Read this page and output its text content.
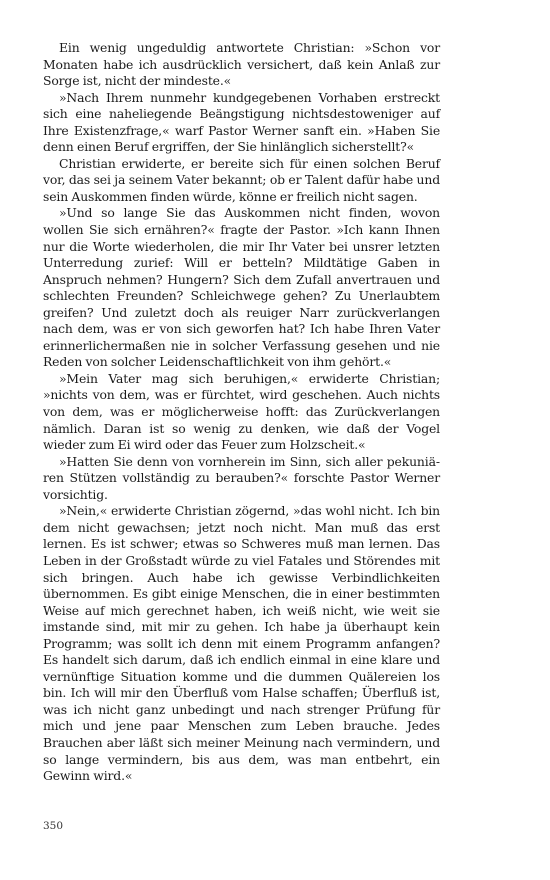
Ein wenig ungeduldig antwortete Christian: »Schon vor Monaten habe ich ausdrücklich versichert, daß kein Anlaß zur Sorge ist, nicht der mindeste.«

»Nach Ihrem nunmehr kundgegebenen Vorhaben erstreckt sich eine naheliegende Beängstigung nichtsdestoweniger auf Ihre Existenzfrage,« warf Pastor Werner sanft ein. »Haben Sie denn einen Beruf ergriffen, der Sie hinlänglich sicherstellt?«

Christian erwiderte, er bereite sich für einen solchen Beruf vor, das sei ja seinem Vater bekannt; ob er Talent dafür habe und sein Auskommen finden würde, könne er freilich nicht sagen.

»Und so lange Sie das Auskommen nicht finden, wovon wollen Sie sich ernähren?« fragte der Pastor. »Ich kann Ihnen nur die Worte wiederholen, die mir Ihr Vater bei unsrer letzten Unterredung zurief: Will er betteln? Mildtätige Gaben in Anspruch nehmen? Hungern? Sich dem Zufall anvertrauen und schlechten Freunden? Schleichwege gehen? Zu Unerlaubtem greifen? Und zuletzt doch als reuiger Narr zurückverlangen nach dem, was er von sich geworfen hat? Ich habe Ihren Vater erinnerlichermaßen nie in solcher Verfassung gesehen und nie Reden von solcher Leidenschaftlichkeit von ihm gehört.«

»Mein Vater mag sich beruhigen,« erwiderte Christian; »nichts von dem, was er fürchtet, wird geschehen. Auch nichts von dem, was er möglicherweise hofft: das Zurückverlangen nämlich. Daran ist so wenig zu denken, wie daß der Vogel wieder zum Ei wird oder das Feuer zum Holzscheit.«

»Hatten Sie denn von vornherein im Sinn, sich aller pekuniären Stützen vollständig zu berauben?« forschte Pastor Werner vorsichtig.

»Nein,« erwiderte Christian zögernd, »das wohl nicht. Ich bin dem nicht gewachsen; jetzt noch nicht. Man muß das erst lernen. Es ist schwer; etwas so Schweres muß man lernen. Das Leben in der Großstadt würde zu viel Fatales und Störendes mit sich bringen. Auch habe ich gewisse Verbindlichkeiten übernommen. Es gibt einige Menschen, die in einer bestimmten Weise auf mich gerechnet haben, ich weiß nicht, wie weit sie imstande sind, mit mir zu gehen. Ich habe ja überhaupt kein Programm; was sollt ich denn mit einem Programm anfangen? Es handelt sich darum, daß ich endlich einmal in eine klare und vernünftige Situation komme und die dummen Quälereien los bin. Ich will mir den Überfluß vom Halse schaffen; Überfluß ist, was ich nicht ganz unbedingt und nach strenger Prüfung für mich und jene paar Menschen zum Leben brauche. Jedes Brauchen aber läßt sich meiner Meinung nach vermindern, und so lange vermindern, bis aus dem, was man entbehrt, ein Gewinn wird.«

350
